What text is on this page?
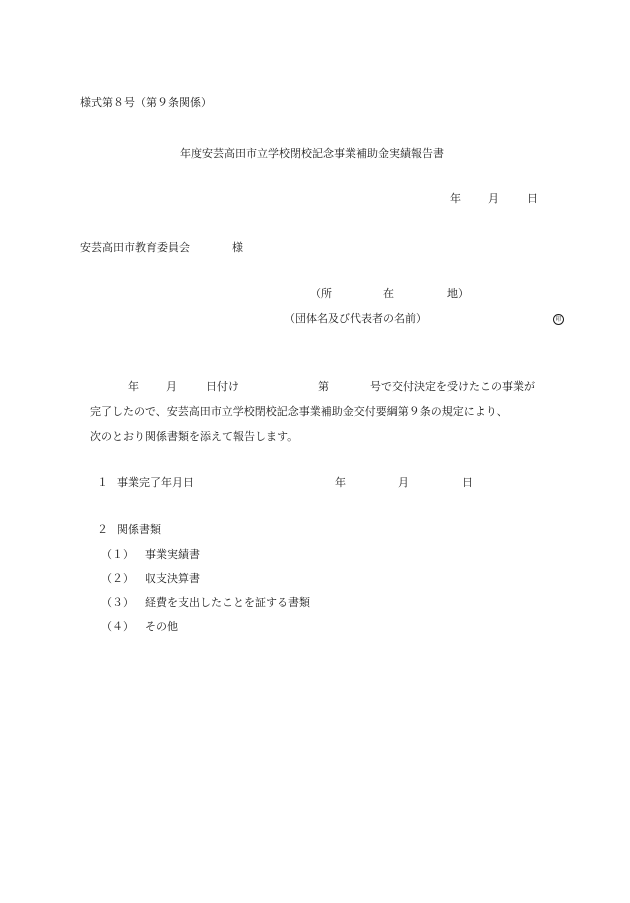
様式第８号（第９条関係）
年度安芸高田市立学校閉校記念事業補助金実績報告書
年 月	日
安芸高田市教育委員会	様
（所	在	地）
（団体名及び代表者の名前）	印
年 月	日付け	第	号で交付決定を受けたこの事業が
完了したので、安芸高田市立学校閉校記念事業補助金交付要綱第９条の規定により、
次のとおり関係書類を添えて報告します。
１ 事業完了年月日	年	月	日
２ 関係書類
（１） 事業実績書
（２） 収支決算書
（３） 経費を支出したことを証する書類
（４） その他
